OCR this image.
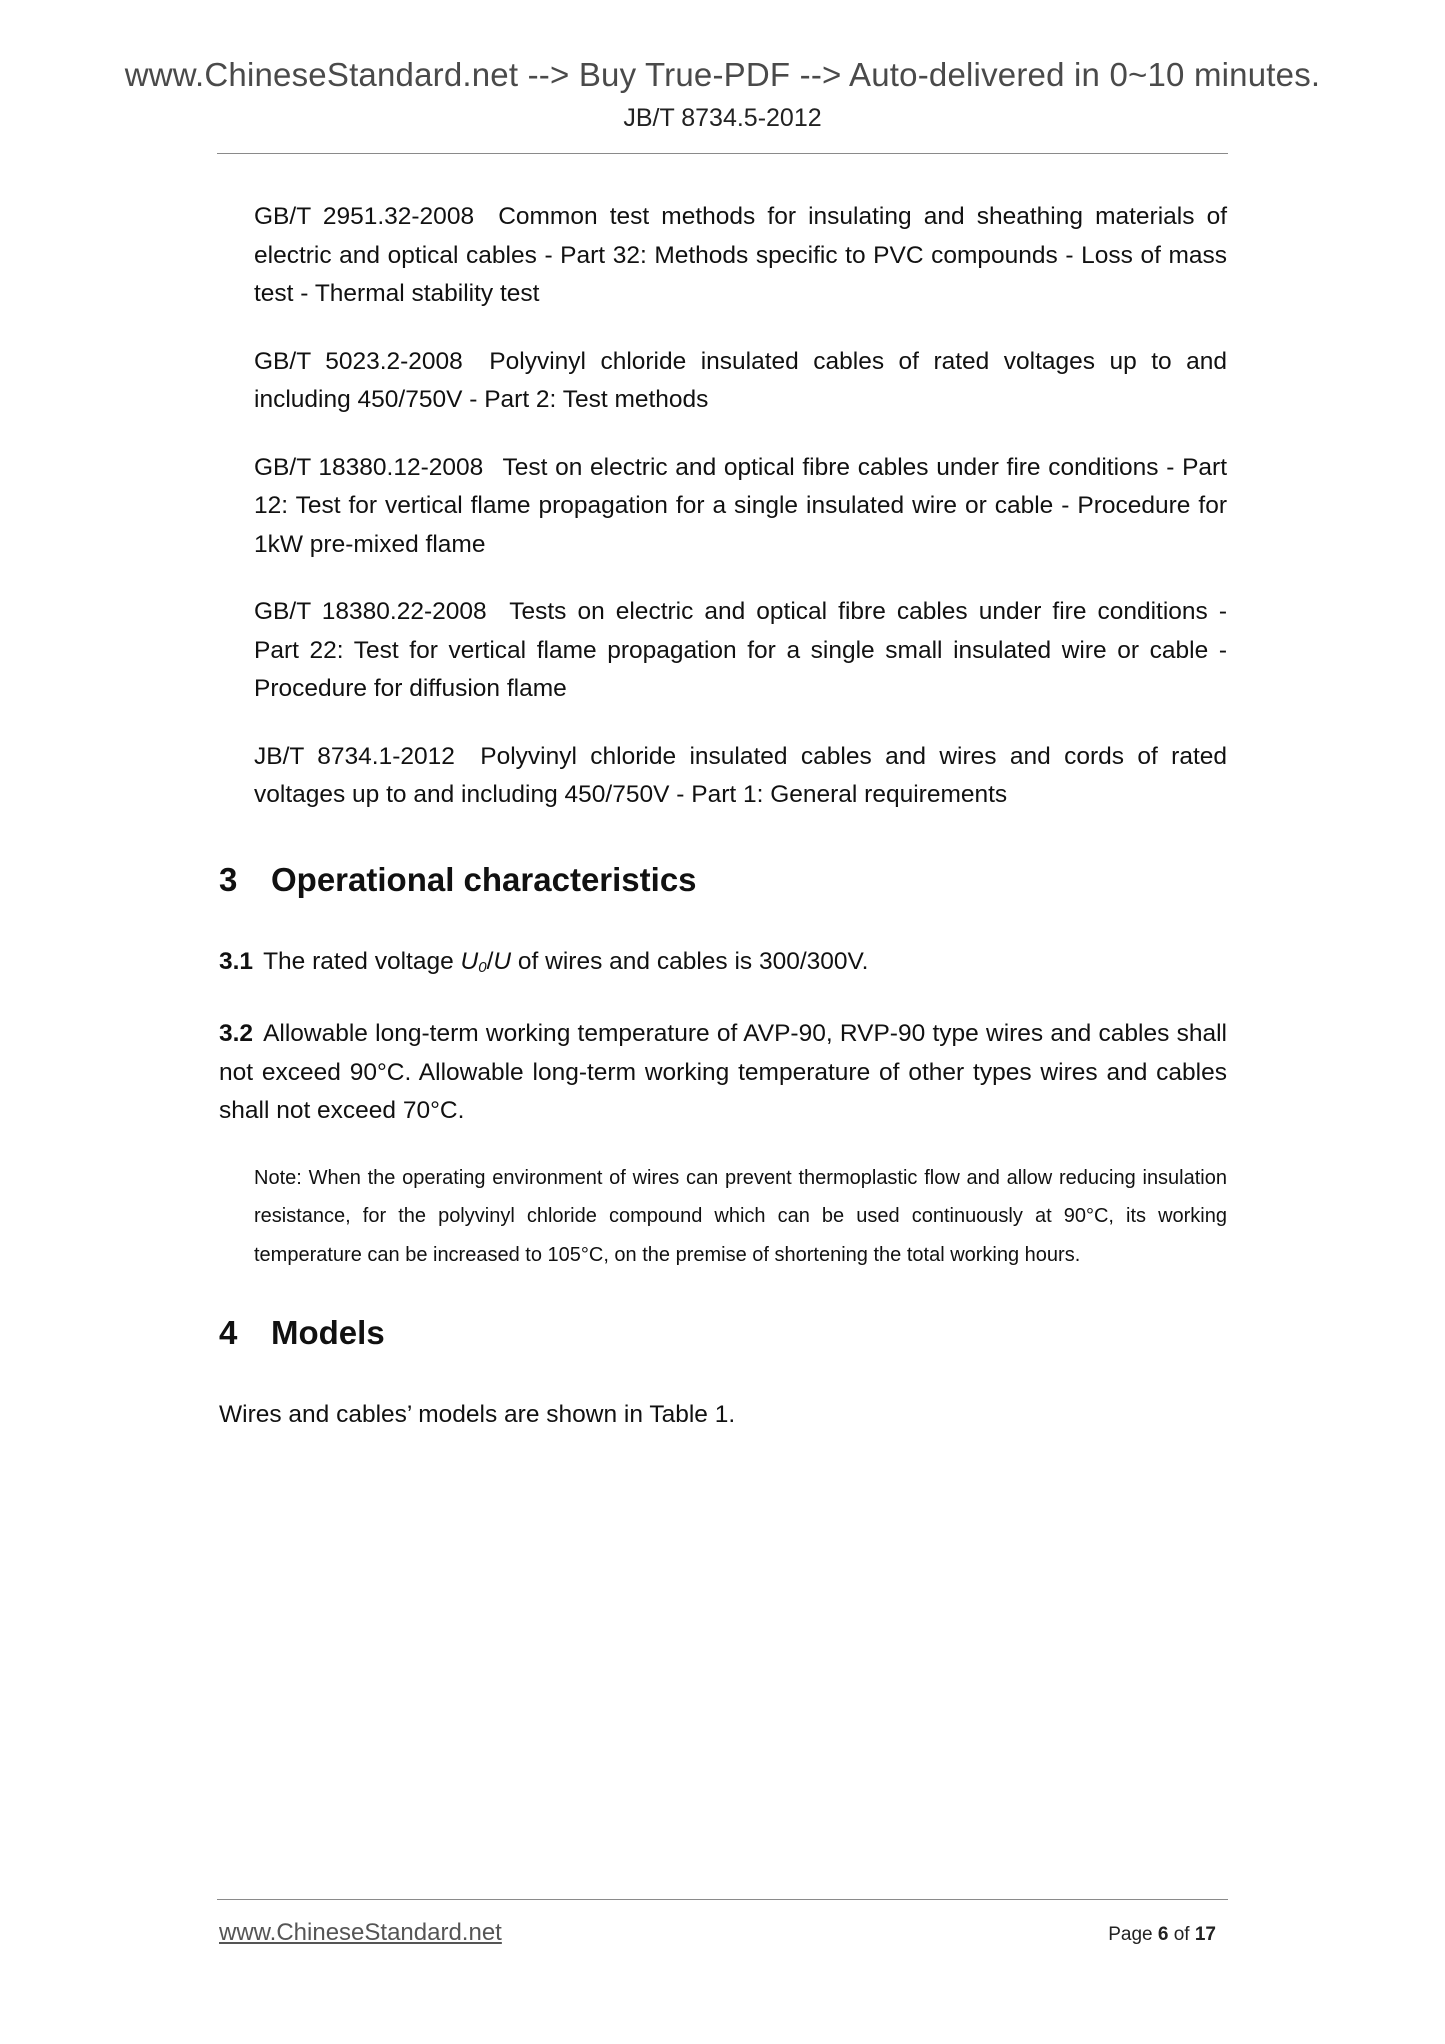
www.ChineseStandard.net --> Buy True-PDF --> Auto-delivered in 0~10 minutes.
JB/T 8734.5-2012

GB/T 2951.32-2008 Common test methods for insulating and sheathing materials of electric and optical cables - Part 32: Methods specific to PVC compounds - Loss of mass test - Thermal stability test

GB/T 5023.2-2008 Polyvinyl chloride insulated cables of rated voltages up to and including 450/750V - Part 2: Test methods

GB/T 18380.12-2008 Test on electric and optical fibre cables under fire conditions - Part 12: Test for vertical flame propagation for a single insulated wire or cable - Procedure for 1kW pre-mixed flame

GB/T 18380.22-2008 Tests on electric and optical fibre cables under fire conditions - Part 22: Test for vertical flame propagation for a single small insulated wire or cable - Procedure for diffusion flame

JB/T 8734.1-2012 Polyvinyl chloride insulated cables and wires and cords of rated voltages up to and including 450/750V - Part 1: General requirements

3	Operational characteristics

3.1 The rated voltage $U_0/U$ of wires and cables is 300/300V.

3.2 Allowable long-term working temperature of AVP-90, RVP-90 type wires and cables shall not exceed 90°C. Allowable long-term working temperature of other types wires and cables shall not exceed 70°C.

Note: When the operating environment of wires can prevent thermoplastic flow and allow reducing insulation resistance, for the polyvinyl chloride compound which can be used continuously at 90°C, its working temperature can be increased to 105°C, on the premise of shortening the total working hours.

4	Models

Wires and cables’ models are shown in Table 1.

www.ChineseStandard.net	Page 6 of 17
